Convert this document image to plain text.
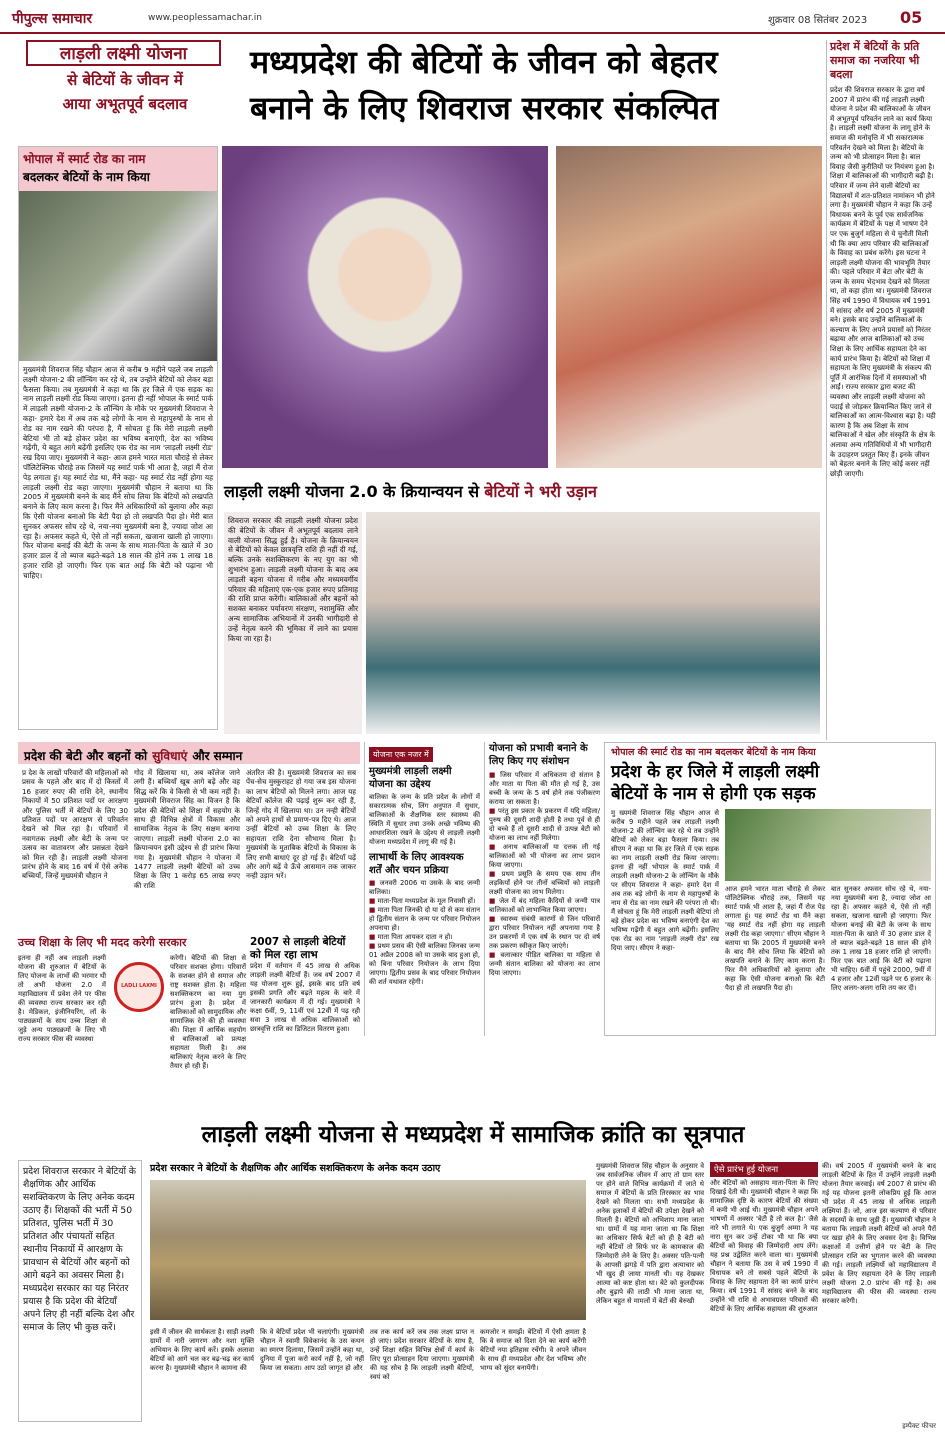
पीपुल्स समाचार	www.peoplessamachar.in	शुक्रवार 08 सितंबर 2023 05
लाड़ली लक्ष्मी योजना
से बेटियों के जीवन में
आया अभूतपूर्व बदलाव
मध्यप्रदेश की बेटियों के जीवन को बेहतर
बनाने के लिए शिवराज सरकार संकल्पित
प्रदेश में बेटियों के प्रति समाज का नजरिया भी बदला
प्रदेश की शिवराज सरकार के द्वारा वर्ष 2007 में प्रारंभ की गई लाड़ली लक्ष्मी योजना ने प्रदेश की बालिकाओं के जीवन में अभूतपूर्व परिवर्तन लाने का कार्य किया है। लाड़ली लक्ष्मी योजना के लागू होने के समाज की मनोवृत्ति में भी सकारात्मक परिवर्तन देखने को मिला है। बेटियों के जन्म को भी प्रोत्साहन मिला है। बाल विवाह जैसी कुरीतियों पर नियंत्रण हुआ है। शिक्षा में बालिकाओं की भागीदारी बढ़ी है। परिवार में जन्म लेने वाली बेटियों का विद्यालयों में शत-प्रतिशत नामांकन भी होने लगा है। मुख्यमंत्री चौहान ने कहा कि उन्हें विधायक बनने के पूर्व एक सार्वजनिक कार्यक्रम में बेटियों के पक्ष में भाषण देने पर एक बुजुर्ग महिला से ये चुनौती मिली थी कि क्या आप परिवार की बालिकाओं के विवाह का प्रबंध करेंगे। इस घटना ने लाड़ली लक्ष्मी योजना की भावभूमि तैयार की। पहले परिवार में बेटा और बेटी के जन्म के समय भेदभाव देखने को मिलता था, तो कहा होता था। मुख्यमंत्री शिवराज सिंह वर्ष 1990 में विधायक वर्ष 1991 में सांसद और वर्ष 2005 में मुख्यमंत्री बने। इसके बाद उन्होंने बालिकाओं के कल्याण के लिए अपने प्रयासों को निरंतर बढ़ाया और आज बालिकाओं को उच्च शिक्षा के लिए आर्थिक सहायता देने का कार्य प्रारंभ किया है। बेटियों को शिक्षा में सहायता के लिए मुख्यमंत्री के संकल्प की पूर्ति में आरंभिक दिनों में समस्याओं भी आईं। राज्य सरकार द्वारा बजट की व्यवस्था और लाड़ली लक्ष्मी योजना को पदाई से जोड़कर क्रियान्वित किए जाने से बालिकाओं का आत्म-विश्वास बढ़ा है। यही कारण है कि अब शिक्षा के साथ बालिकाओं ने खेल और संस्कृति के क्षेत्र के अलावा अन्य गतिविधियों में भी भागीदारी के उदाहरण प्रस्तुत किए हैं। इनके जीवन को बेहतर बनाने के लिए कोई कसर नहीं छोड़ी जाएगी।
भोपाल में स्मार्ट रोड का नाम
बदलकर बेटियों के नाम किया
मुख्यमंत्री शिवराज सिंह चौहान आज से करीब 9 महीने पहले जब लाड़ली लक्ष्मी योजना-2 की लॉन्चिंग कर रहे थे, तब उन्होंने बेटियों को लेकर बड़ा फैसला किया। तब मुख्यमंत्री ने कहा था कि हर जिले में एक सड़क का नाम लाड़ली लक्ष्मी रोड किया जाएगा। इतना ही नहीं भोपाल के स्मार्ट पार्क में लाड़ली लक्ष्मी योजना-2 के लॉन्चिंग के मौके पर मुख्यमंत्री शिवराज ने कहा- हमारे देश में अब तक बड़े लोगों के नाम से महापुरुषों के नाम से रोड का नाम रखने की परंपरा है, मैं सोचता हूं कि मेरी लाड़ली लक्ष्मी बेटियां भी तो बड़े होकर प्रदेश का भविष्य बनाएंगी, देश का भविष्य गढ़ेंगी, ये बहुत आगे बढ़ेंगी इसलिए एक रोड का नाम 'लाड़ली लक्ष्मी रोड' रख दिया जाए। मुख्यमंत्री ने कहा- आज हमने भारत माता चौराहे से लेकर पॉलिटेक्निक चौराहे तक जिसमें यह स्मार्ट पार्क भी आता है, जहां मैं रोज पेड़ लगाता हूं। यह स्मार्ट रोड था, मैंने कहा- यह स्मार्ट रोड नहीं होगा यह लाड़ली लक्ष्मी रोड कहा जाएगा। मुख्यमंत्री चौहान ने बताया था कि 2005 में मुख्यमंत्री बनने के बाद मैंने सोच लिया कि बेटियों को लखपति बनाने के लिए काम करना है। फिर मैंने अधिकारियों को बुलाया और कहा कि ऐसी योजना बनाओ कि बेटी पैदा हो तो लखपति पैदा हो। मेरी बात सुनकर अफसर सोच रहे थे, नया-नया मुख्यमंत्री बना है, ज्यादा जोश आ रहा है। अफसर कहते थे, ऐसे तो नहीं सकता, खजाना खाली हो जाएगा। फिर योजना बनाई की बेटी के जन्म के साथ माता-पिता के खाते में 30 हजार डाल दें तो ब्याज बढ़ते-बढ़ते 18 साल की होने तक 1 लाख 18 हजार राशि हो जाएगी। फिर एक बात आई कि बेटी को पढ़ाना भी चाहिए।
लाड़ली लक्ष्मी योजना 2.0 के क्रियान्वयन से बेटियों ने भरी उड़ान
शिवराज सरकार की लाड़ली लक्ष्मी योजना प्रदेश की बेटियों के जीवन में अभूतपूर्व बदलाव लाने वाली योजना सिद्ध हुई है। योजना के क्रियान्वयन से बेटियों को केवल छात्रवृत्ति राशि ही नहीं दी गई, बल्कि उनके सशक्तिकरण के नए युग का भी शुभारंभ हुआ। लाड़ली लक्ष्मी योजना के बाद अब लाड़ली बहना योजना में गरीब और मध्यमवर्गीय परिवार की महिलाएं एक-एक हजार रुपए प्रतिमाह की राशि प्राप्त करेंगी। बालिकाओं और बहनों को सशक्त बनाकर पर्यावरण संरक्षण, नशामुक्ति और अन्य सामाजिक अभियानों में उनकी भागीदारी से उन्हें नेतृत्व करने की भूमिका में लाने का प्रयास किया जा रहा है।
प्रदेश की बेटी और बहनों को सुविधाएं और सम्मान
प्र देश के लाखों परिवारों की महिलाओं को प्रसव के पहले और बाद में दो किस्तों में 16 हजार रुपए की राशि देने, स्थानीय निकायों में 50 प्रतिशत पदों पर आरक्षण और पुलिस भर्ती में बेटियों के लिए 30 प्रतिशत पदों पर आरक्षण से परिवर्तन देखने को मिल रहा है। परिवारों में नवागतक लक्ष्मी और बेटी के जन्म पर उत्सव का वातावरण और प्रसन्नता देखने को मिल रही है। लाड़ली लक्ष्मी योजना प्रारंभ होने के बाद 16 वर्ष में ऐसे अनेक बच्चियाँ, जिन्हें मुख्यमंत्री चौहान ने
गोद में खिलाया था, अब कॉलेज जाने लगी हैं। बच्चियाँ खूब आगे बढ़ें और वह सिद्ध करें कि वे किसी से भी कम नहीं हैं। मुख्यमंत्री शिवराज सिंह का विजन है कि प्रदेश की बेटियों को शिक्षा में सहयोग के साथ ही विभिन्न क्षेत्रों में विकास और सामाजिक नेतृत्व के लिए सक्षम बनाया जाएगा। लाड़ली लक्ष्मी योजना 2.0 का क्रियान्वयन इसी उद्देश्य से ही प्रारंभ किया गया है। मुख्यमंत्री चौहान ने योजना में 1477 लाड़ली लक्ष्मी बेटियों को उच्च शिक्षा के लिए 1 करोड़ 65 लाख रुपए की राशि
अंतरित की है। मुख्यमंत्री शिवराज का सब पेंच-सेच मुस्कुराहट हो गया जब इस योजना का लाभ बेटियों को मिलने लगा। आज यह बेटियाँ कॉलेज की पढ़ाई शुरू कर रही हैं, जिन्हें गोद में खिलाया था। उन नन्ही बेटियों को अपने हाथों से प्रमाण-पत्र दिए थे। आज उन्हीं बेटियों को उच्च शिक्षा के लिए सहायता राशि देना सौभाग्य मिला है। मुख्यमंत्री के मुताबिक बेटियों के विकास के लिए सभी बाधाएं दूर हो गई हैं। बेटियाँ पढ़ें और आगे बढ़ें वे ऊँचे आसमान तक जाकर नन्ही उड़ान भरें।
उच्च शिक्षा के लिए भी मदद करेगी सरकार
इतना ही नहीं अब लाड़ली लक्ष्मी योजना की शुरुआत में बेटियों के लिए योजना के लाभों की भरमार थी तो अभी योजना 2.0 में महाविद्यालय में प्रवेश लेने पर फीस की व्यवस्था राज्य सरकार कर रही है। मेडिकल, इंजीनियरिंग, लॉ के पाठ्यक्रमों के साथ उच्च शिक्षा से जुड़े अन्य पाठ्यक्रमों के लिए भी राज्य सरकार फीस की व्यवस्था
LADLI LAXMI
करेगी। बेटियों की शिक्षा से परिवार सशक्त होगा। परिवारों के सशक्त होने से समाज और राष्ट्र सशक्त होता है। महिला सशक्तिकरण का नया युग प्रारंभ हुआ है। प्रदेश में बालिकाओं को सामुदायिक और सामाजिक देने की ही व्यवस्था की। शिक्षा में आर्थिक सहयोग से बालिकाओं को प्रत्यक्ष सहायता मिली है। अब बालिकाएं नेतृत्व करने के लिए तैयार हो रही हैं।
2007 से लाड़ली बेटियों
को मिल रहा लाभ
प्रदेश में वर्तमान में 45 लाख से अधिक लाड़ली लक्ष्मी बेटियाँ हैं। जब वर्ष 2007 में यह योजना शुरू हुई, इसके बाद प्रति वर्ष इसकी प्रगति और बढ़ते महत्व के बारे में जानकारी कार्यक्रम में दी गई। मुख्यमंत्री ने कक्षा 6वीं, 9, 11वीं एवं 12वीं में पढ़ रही सवा 3 लाख से अधिक बालिकाओं को छात्रवृत्ति राशि का डिजिटल वितरण हुआ।
योजना एक नजर में
मुख्यमंत्री लाड़ली लक्ष्मी
योजना का उद्देश्य
बालिका के जन्म के प्रति प्रदेश के लोगों में सकारात्मक सोच, लिंग अनुपात में सुधार, बालिकाओं के शैक्षणिक स्तर स्वास्थ्य की स्थिति में सुधार तथा उनके अच्छे भविष्य की आधारशिला रखने के उद्देश्य से लाड़ली लक्ष्मी योजना मध्यप्रदेश में लागू की गई है।
लाभार्थी के लिए आवश्यक
शर्तें और चयन प्रक्रिया
■ जनवरी 2006 या उसके के बाद जन्मी बालिका।
■ माता-पिता मध्यप्रदेश के मूल निवासी हों।
■ माता पिता जिनकी दो या दो से कम संतान हो द्वितीय संतान के जन्म पर परिवार नियोजन अपनाया हो।
■ माता पिता आयकर दाता न हो।
■ प्रथम प्रसव की ऐसी बालिका जिनका जन्म 01 अप्रैल 2008 को या उसके बाद हुआ हो, को बिना परिवार नियोजन के लाभ दिया जाएगा। द्वितीय प्रसव के बाद परिवार नियोजन की शर्त यथावत रहेगी।
योजना को प्रभावी बनाने के
लिए किए गए संशोधन
■ जिस परिवार में अधिकतम दो संतान है और माता या पिता की मौत हो गई है, उस बच्ची के जन्म के 5 वर्ष होने तक पंजीकरण कराया जा सकता है।
■ परंतु इस प्रकार के प्रकरण में यदि महिला/पुरुष की दूसरी शादी होती है तथा पूर्व से ही दो बच्चे हैं तो दूसरी शादी से उत्पन्न बेटी को योजना का लाभ नहीं मिलेगा।
■ अनाथ बालिकाओं या दत्तक ली गई बालिकाओं को भी योजना का लाभ प्रदान किया जाएगा।
■ प्रथम प्रसूति के समय एक साथ तीन लड़कियाँ होने पर तीनों बच्चियों को लाड़ली लक्ष्मी योजना का लाभ मिलेगा।
■ जेल में बंद महिला कैदियों से जन्मी पात्र बालिकाओं को लाभान्वित किया जाएगा।
■ स्वास्थ्य संबंधी कारणों से जिन परिवारों द्वारा परिवार नियोजन नहीं अपनाया गया है उन प्रकरणों में एक वर्ष के स्थान पर दो वर्ष तक प्रकरण स्वीकृत किए जाएंगे।
■ बलात्कार पीड़ित बालिका या महिला से जन्मी संतान बालिका को योजना का लाभ दिया जाएगा।
भोपाल की स्मार्ट रोड का नाम बदलकर बेटियों के नाम किया
प्रदेश के हर जिले में लाड़ली लक्ष्मी
बेटियों के नाम से होगी एक सड़क
मु ख्यमंत्री शिवराज सिंह चौहान आज से करीब 9 महीने पहले जब लाड़ली लक्ष्मी योजना-2 की लॉन्चिंग कर रहे थे तब उन्होंने बेटियों को लेकर बड़ा फैसला किया। तब सीएम ने कहा था कि हर जिले में एक सड़क का नाम लाड़ली लक्ष्मी रोड किया जाएगा। इतना ही नहीं भोपाल के स्मार्ट पार्क में लाड़ली लक्ष्मी योजना-2 के लॉन्चिंग के मौके पर सीएम शिवराज ने कहा- हमारे देश में अब तक बड़े लोगों के नाम से महापुरुषों के नाम से रोड का नाम रखने की परंपरा तो थी। मैं सोचता हूं कि मेरी लाड़ली लक्ष्मी बेटियां तो बड़े होकर प्रदेश का भविष्य बनाएंगी देश का भविष्य गढ़ेंगी ये बहुत आगे बढ़ेंगी। इसलिए एक रोड का नाम 'लाड़ली लक्ष्मी रोड' रख दिया जाए। सीएम ने कहा-
आज हमने भारत माता चौराहे से लेकर पॉलिटेक्निक चौराहे तक, जिसमें यह स्मार्ट पार्क भी आता है, जहां मैं रोज पेड़ लगाता हूं। यह स्मार्ट रोड था मैंने कहा 'यह स्मार्ट रोड नहीं होगा यह लाड़ली लक्ष्मी रोड कहा जाएगा।' सीएम चौहान ने बताया था कि 2005 में मुख्यमंत्री बनने के बाद मैंने सोच लिया कि बेटियों को लखपति बनाने के लिए काम करना है। फिर मैंने अधिकारियों को बुलाया और कहा कि ऐसी योजना बनाओ कि बेटी पैदा हो तो लखपति पैदा हो।
बात सुनकर अफसर सोच रहे थे, नया-नया मुख्यमंत्री बना है, ज्यादा जोश आ रहा है। अफसर कहते थे, ऐसे तो नहीं सकता, खजाना खाली हो जाएगा। फिर योजना बनाई की बेटी के जन्म के साथ माता-पिता के खाते में 30 हजार डाल दें तो ब्याज बढ़ते-बढ़ते 18 साल की होने तक 1 लाख 18 हजार राशि हो जाएगी। फिर एक बात आई कि बेटी को पढ़ाना भी चाहिए। 6वीं में पहुंचे 2000, 9वीं में 4 हजार और 12वीं पढ़ने पर 6 हजार के लिए अलग-अलग राशि तय कर दी।
लाड़ली लक्ष्मी योजना से मध्यप्रदेश में सामाजिक क्रांति का सूत्रपात
प्रदेश शिवराज सरकार ने बेटियों के शैक्षणिक और आर्थिक सशक्तिकरण के लिए अनेक कदम उठाए हैं। शिक्षकों की भर्ती में 50 प्रतिशत, पुलिस भर्ती में 30 प्रतिशत और पंचायतों सहित स्थानीय निकायों में आरक्षण के प्रावधान से बेटियों और बहनों को आगे बढ़ने का अवसर मिला है। मध्यप्रदेश सरकार का यह निरंतर प्रयास है कि प्रदेश की बेटियाँ अपने लिए ही नहीं बल्कि देश और समाज के लिए भी कुछ करें।
प्रदेश सरकार ने बेटियों के शैक्षणिक और आर्थिक सशक्तिकरण के अनेक कदम उठाए
इसी में जीवन की सार्थकता है। साड़ी लक्ष्मी ग्रामों में नारी जागरण और नशा मुक्ति अभियान के लिए कार्य करें। इसके अलावा बेटियाँ को आगे चल कर बढ़-चढ़ कर कार्य करना है। मुख्यमंत्री चौहान ने कामना की
कि वे बेटियाँ प्रदेश भी चलाएंगी। मुख्यमंत्री चौहान ने स्वामी विवेकानंद के उस कथन का स्मरण दिलाया, जिसमें उन्होंने कहा था, दुनिया में पूजा करो कार्य नहीं है, जो नहीं किया जा सकता। आप उठो जागृत हो और
तब तक कार्य करें जब तक लक्ष्य प्राप्त न हो जाए। प्रदेश सरकार बेटियों के साथ है, उन्हें शिक्षा सहित विभिन्न क्षेत्रों में कार्य के लिए पूरा प्रोत्साहन दिया जाएगा। मुख्यमंत्री की यह सोच है कि लाड़ली लक्ष्मी बेटियाँ, स्वयं को
कमजोर न समझें। बेटियों में ऐसी क्षमता है कि वे समाज को दिशा देने का कार्य करेंगी बेटियाँ नया इतिहास रचेंगी। वे अपने जीवन के साथ ही मध्यप्रदेश और देश भविष्य और भाग्य को सुंदर बनायेंगी।
मुख्यमंत्री शिवराज सिंह चौहान के अनुसार वे जब सार्वजनिक जीवन में आए तो ग्राम स्तर पर होने वाले विभिन्न कार्यक्रमों में जाते थे समाज में बेटियों के प्रति तिरस्कार का भाव देखने को मिलता था। सभी मध्यप्रदेश के अनेक इलाकों में बेटियों की उपेक्षा देखने को मिलती है। बेटियों को अभिशाप माना जाता था। ग्रामों में यह माना जाता था कि शिक्षा का अधिकार सिर्फ बेटों को ही है बेटी को नहीं बेटियों तो सिर्फ घर के कामकाज की जिम्मेदारी लेने के लिए है। अक्सर पति-पत्नी के आपसी झगड़े में पति द्वारा अत्याचार को भी खुद ही जाया मानती थी। यह देखकर आत्मा को कष्ट होता था। बेटे को कुलदीपक और बुढ़ापे की लाठी भी माना जाता था, लेकिन बहुत से मामलों में बेटों की बेरुखी
ऐसे प्रारंभ हुई योजना
और बेटियों को असहाय माता-पिता के लिए दिखाई देती थी। मुख्यमंत्री चौहान ने कहा कि सामाजिक दृष्टि के कारण बेटियों की संख्या में कमी भी आई थी। मुख्यमंत्री चौहान अपने भाषणों में अक्सर 'बेटी है तो कल है।' जैसे नारे भी लगाते थे। एक बुजुर्ग अम्मा ने यह नारा सुन कर उन्हें टोका भी था कि क्या बेटियों को विवाह की जिम्मेदारी आप लेंगे। यह प्रश्न उद्वेलित करने वाला था। मुख्यमंत्री चौहान ने बताया कि उस वे वर्ष 1990 में विधायक बने तो सबसे पहले बेटियों के विवाह के लिए सहायता देने का कार्य प्रारंभ किया। वर्ष 1991 में सांसद बनने के बाद उन्होंने भी राशि से अभावग्रस्त परिवारों की बेटियों के लिए आर्थिक सहायता की शुरुआत
की। वर्ष 2005 में मुख्यमंत्री बनने के बाद लाड़ली बेटियों के हित में उन्होंने लाड़ली लक्ष्मी योजना तैयार करवाई। वर्ष 2007 से प्रारंभ की गई यह योजना इतनी लोकप्रिय हुई कि आज भी प्रदेश में 45 लाख से अधिक लाड़ली लक्ष्मियां हैं। जो, आज इस कल्याण से परिवार के सदस्यों के साथ जुड़ी हैं। मुख्यमंत्री चौहान ने बताया कि लाड़ली लक्ष्मी बेटियों को अपने पैरों पर खड़ा होने के लिए अवसर देना है। विभिन्न कक्षाओं में उत्तीर्ण होने पर बेटी के लिए प्रोत्साहन राशि का भुगतान करने की व्यवस्था की गई। लाड़ली लक्ष्मियों को महाविद्यालय में प्रवेश के लिए सहायता देने के लिए लाड़ली लक्ष्मी योजना 2.0 प्रारंभ की गई है। अब महाविद्यालय की फीस की व्यवस्था राज्य सरकार करेगी।
इम्पैक्ट फीचर
